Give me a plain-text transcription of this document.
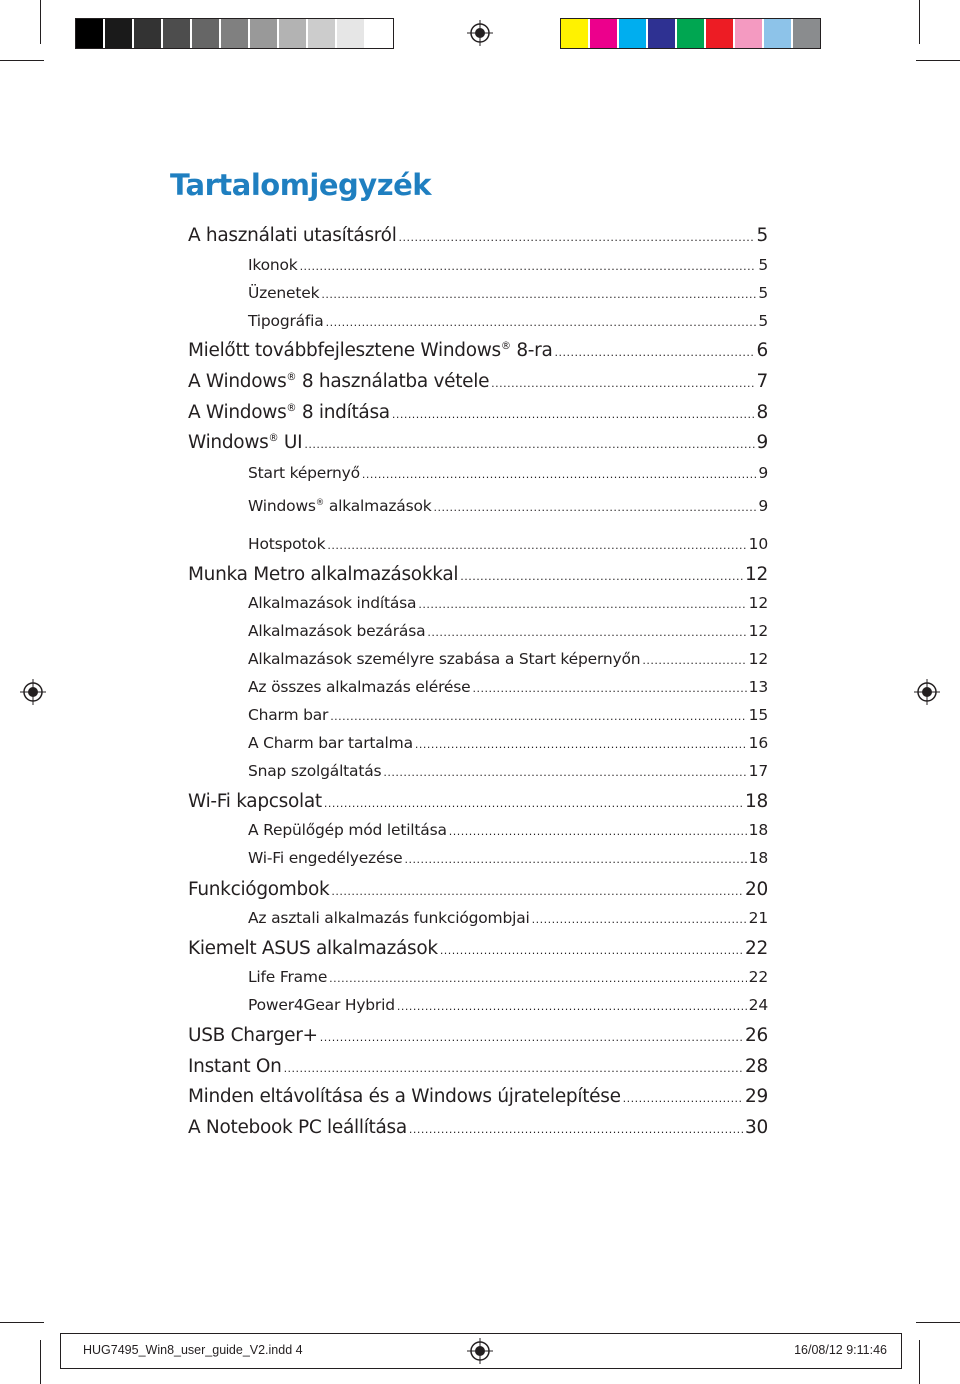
Tartalomjegyzék
A használati utasításról .....	5
Ikonok .....	5
Üzenetek .....	5
Tipográfia .....	5
Mielőtt továbbfejlesztene Windows® 8-ra .....	6
A Windows® 8 használatba vétele .....	7
A Windows® 8 indítása .....	8
Windows® UI .....	9
Start képernyő .....	9
Windows® alkalmazások .....	9
Hotspotok .....	10
Munka Metro alkalmazásokkal .....	12
Alkalmazások indítása .....	12
Alkalmazások bezárása .....	12
Alkalmazások személyre szabása a Start képernyőn .....	12
Az összes alkalmazás elérése .....	13
Charm bar .....	15
A Charm bar tartalma .....	16
Snap szolgáltatás .....	17
Wi-Fi kapcsolat .....	18
A Repülőgép mód letiltása .....	18
Wi-Fi engedélyezése .....	18
Funkciógombok .....	20
Az asztali alkalmazás funkciógombjai .....	21
Kiemelt ASUS alkalmazások .....	22
Life Frame .....	22
Power4Gear Hybrid .....	24
USB Charger+ .....	26
Instant On .....	28
Minden eltávolítása és a Windows újratelepítése .....	29
A Notebook PC leállítása .....	30
HUG7495_Win8_user_guide_V2.indd 4	16/08/12 9:11:46
